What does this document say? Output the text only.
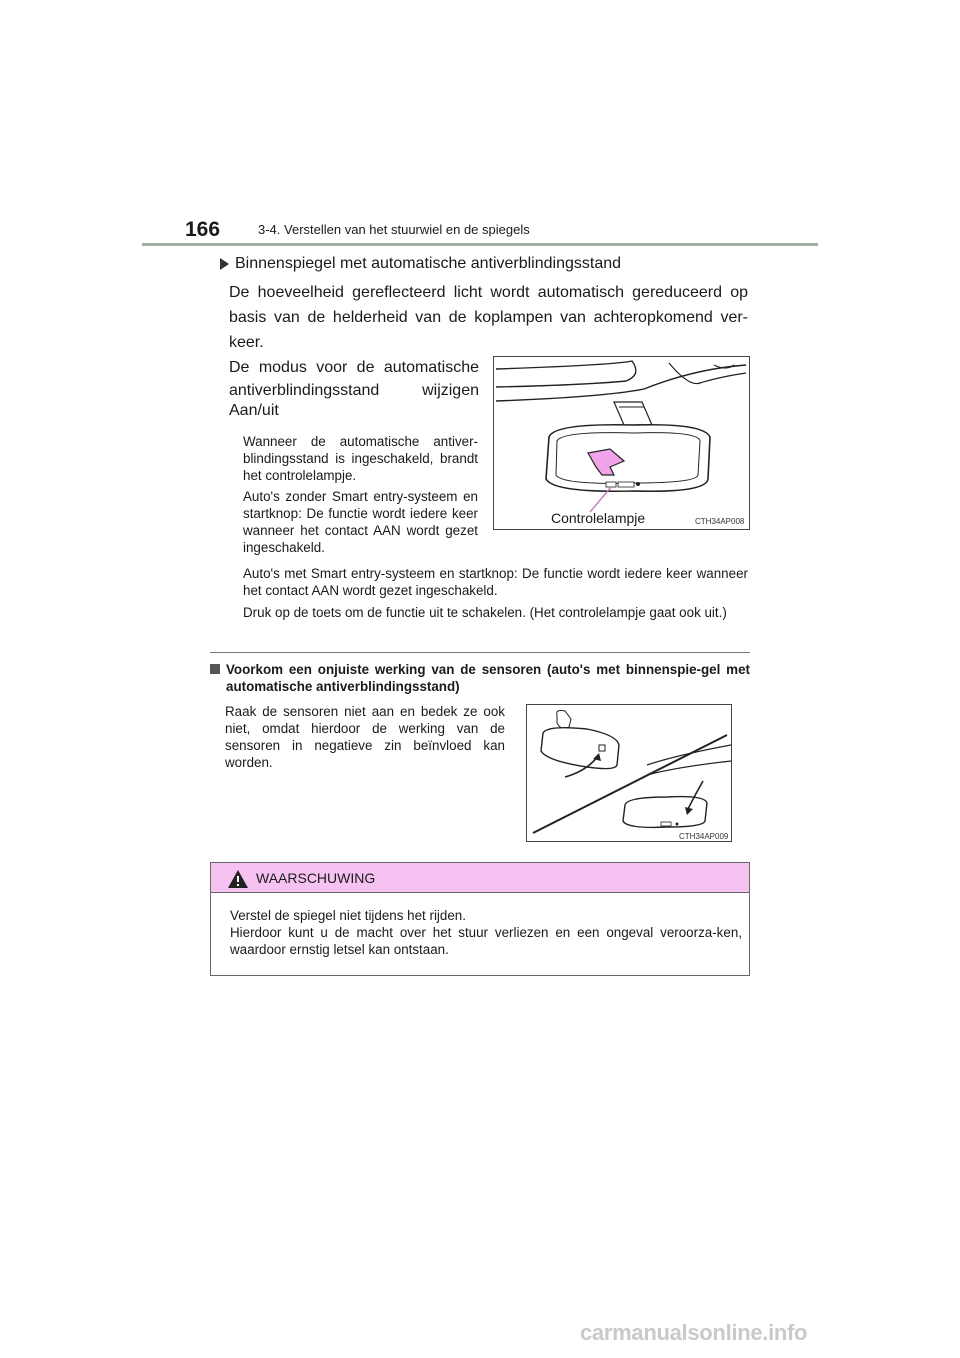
166	3-4. Verstellen van het stuurwiel en de spiegels
Binnenspiegel met automatische antiverblindingsstand
De hoeveelheid gereflecteerd licht wordt automatisch gereduceerd op basis van de helderheid van de koplampen van achteropkomend ver-keer.
De modus voor de automatische
antiverblindingsstand wijzigen
Aan/uit
Wanneer de automatische antiver-blindingsstand is ingeschakeld, brandt het controlelampje.
Auto's zonder Smart entry-systeem en startknop: De functie wordt iedere keer wanneer het contact AAN wordt gezet ingeschakeld.
Auto's met Smart entry-systeem en startknop: De functie wordt iedere keer wanneer het contact AAN wordt gezet ingeschakeld.
Druk op de toets om de functie uit te schakelen. (Het controlelampje gaat ook uit.)
Controlelampje	CTH34AP008
Voorkom een onjuiste werking van de sensoren (auto's met binnenspie-gel met automatische antiverblindingsstand)
Raak de sensoren niet aan en bedek ze ook niet, omdat hierdoor de werking van de sensoren in negatieve zin beïnvloed kan worden.
CTH34AP009
WAARSCHUWING
Verstel de spiegel niet tijdens het rijden.
Hierdoor kunt u de macht over het stuur verliezen en een ongeval veroorza-ken, waardoor ernstig letsel kan ontstaan.
carmanualsonline.info
